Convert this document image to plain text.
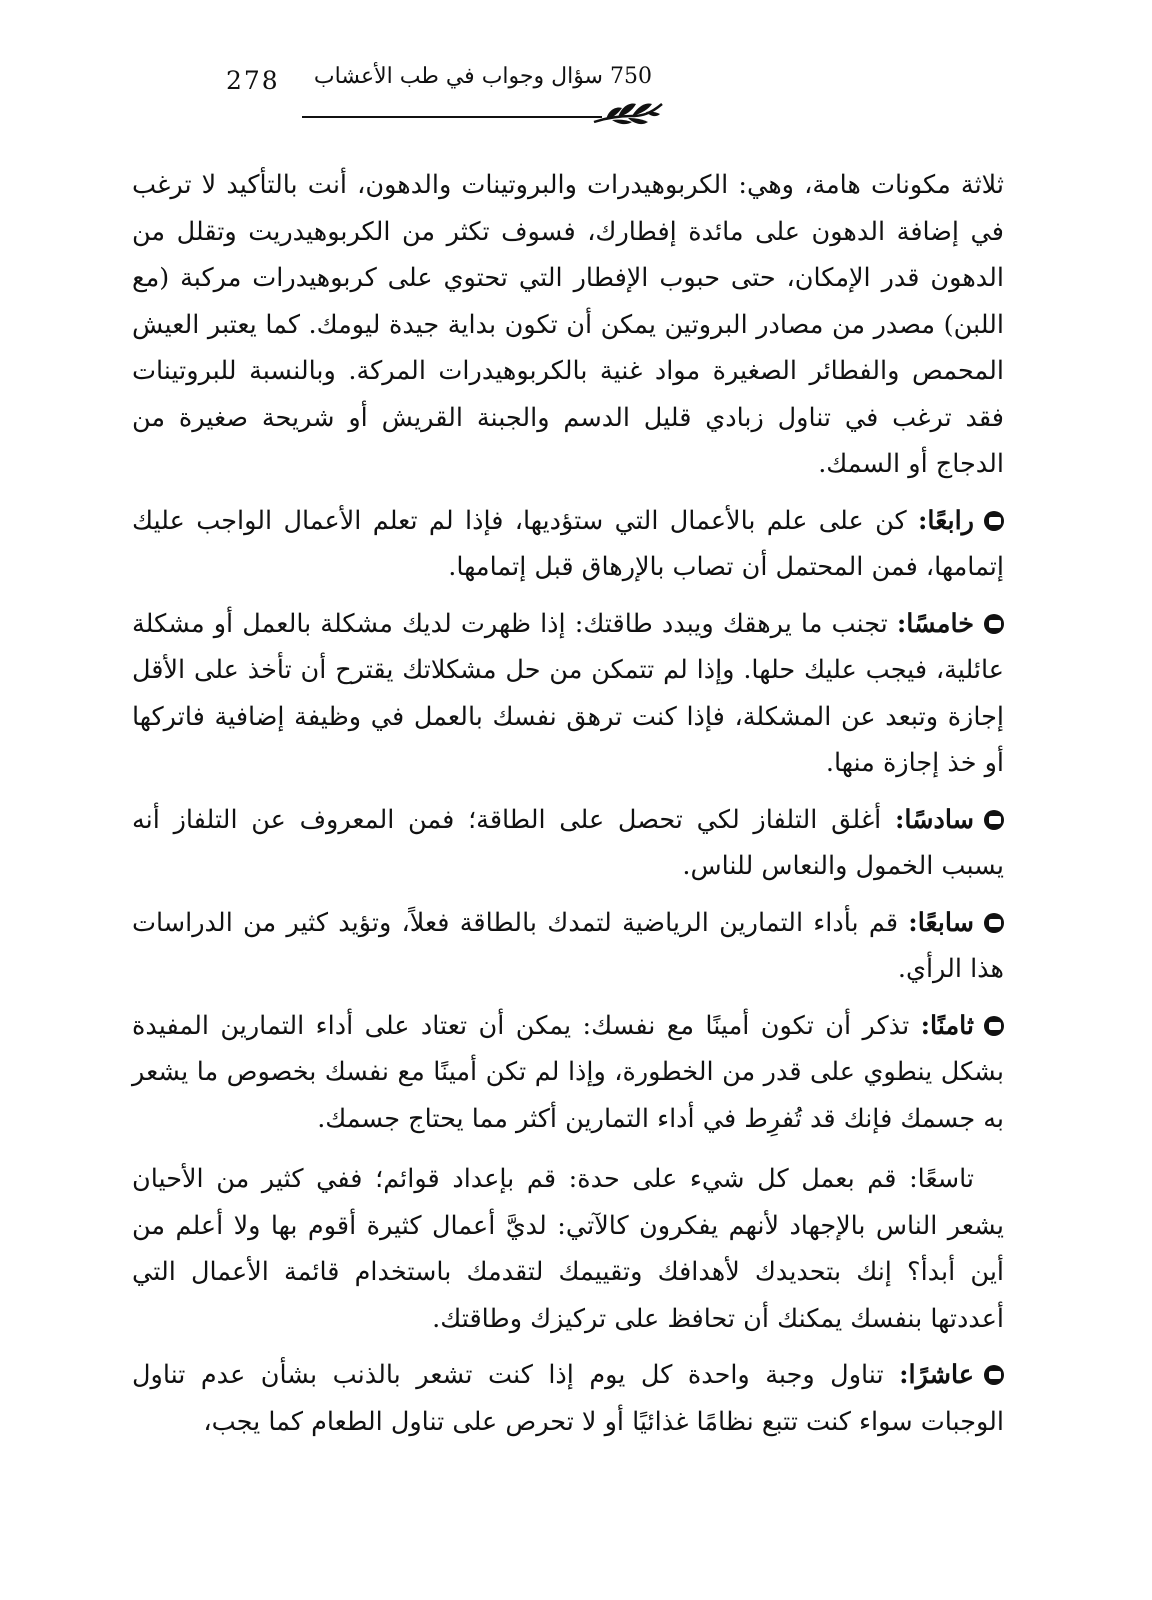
278 750 سؤال وجواب في طب الأعشاب

ثلاثة مكونات هامة، وهي: الكربوهيدرات والبروتينات والدهون، أنت بالتأكيد لا ترغب في إضافة الدهون على مائدة إفطارك، فسوف تكثر من الكربوهيدريت وتقلل من الدهون قدر الإمكان، حتى حبوب الإفطار التي تحتوي على كربوهيدرات مركبة (مع اللبن) مصدر من مصادر البروتين يمكن أن تكون بداية جيدة ليومك. كما يعتبر العيش المحمص والفطائر الصغيرة مواد غنية بالكربوهيدرات المركة. وبالنسبة للبروتينات فقد ترغب في تناول زبادي قليل الدسم والجبنة القريش أو شريحة صغيرة من الدجاج أو السمك.

رابعًا: كن على علم بالأعمال التي ستؤديها، فإذا لم تعلم الأعمال الواجب عليك إتمامها، فمن المحتمل أن تصاب بالإرهاق قبل إتمامها.

خامسًا: تجنب ما يرهقك ويبدد طاقتك: إذا ظهرت لديك مشكلة بالعمل أو مشكلة عائلية، فيجب عليك حلها. وإذا لم تتمكن من حل مشكلاتك يقترح أن تأخذ على الأقل إجازة وتبعد عن المشكلة، فإذا كنت ترهق نفسك بالعمل في وظيفة إضافية فاتركها أو خذ إجازة منها.

سادسًا: أغلق التلفاز لكي تحصل على الطاقة؛ فمن المعروف عن التلفاز أنه يسبب الخمول والنعاس للناس.

سابعًا: قم بأداء التمارين الرياضية لتمدك بالطاقة فعلاً، وتؤيد كثير من الدراسات هذا الرأي.

ثامنًا: تذكر أن تكون أمينًا مع نفسك: يمكن أن تعتاد على أداء التمارين المفيدة بشكل ينطوي على قدر من الخطورة، وإذا لم تكن أمينًا مع نفسك بخصوص ما يشعر به جسمك فإنك قد تُفرِط في أداء التمارين أكثر مما يحتاج جسمك.

تاسعًا: قم بعمل كل شيء على حدة: قم بإعداد قوائم؛ ففي كثير من الأحيان يشعر الناس بالإجهاد لأنهم يفكرون كالآتي: لديَّ أعمال كثيرة أقوم بها ولا أعلم من أين أبدأ؟ إنك بتحديدك لأهدافك وتقييمك لتقدمك باستخدام قائمة الأعمال التي أعددتها بنفسك يمكنك أن تحافظ على تركيزك وطاقتك.

عاشرًا: تناول وجبة واحدة كل يوم إذا كنت تشعر بالذنب بشأن عدم تناول الوجبات سواء كنت تتبع نظامًا غذائيًا أو لا تحرص على تناول الطعام كما يجب،
